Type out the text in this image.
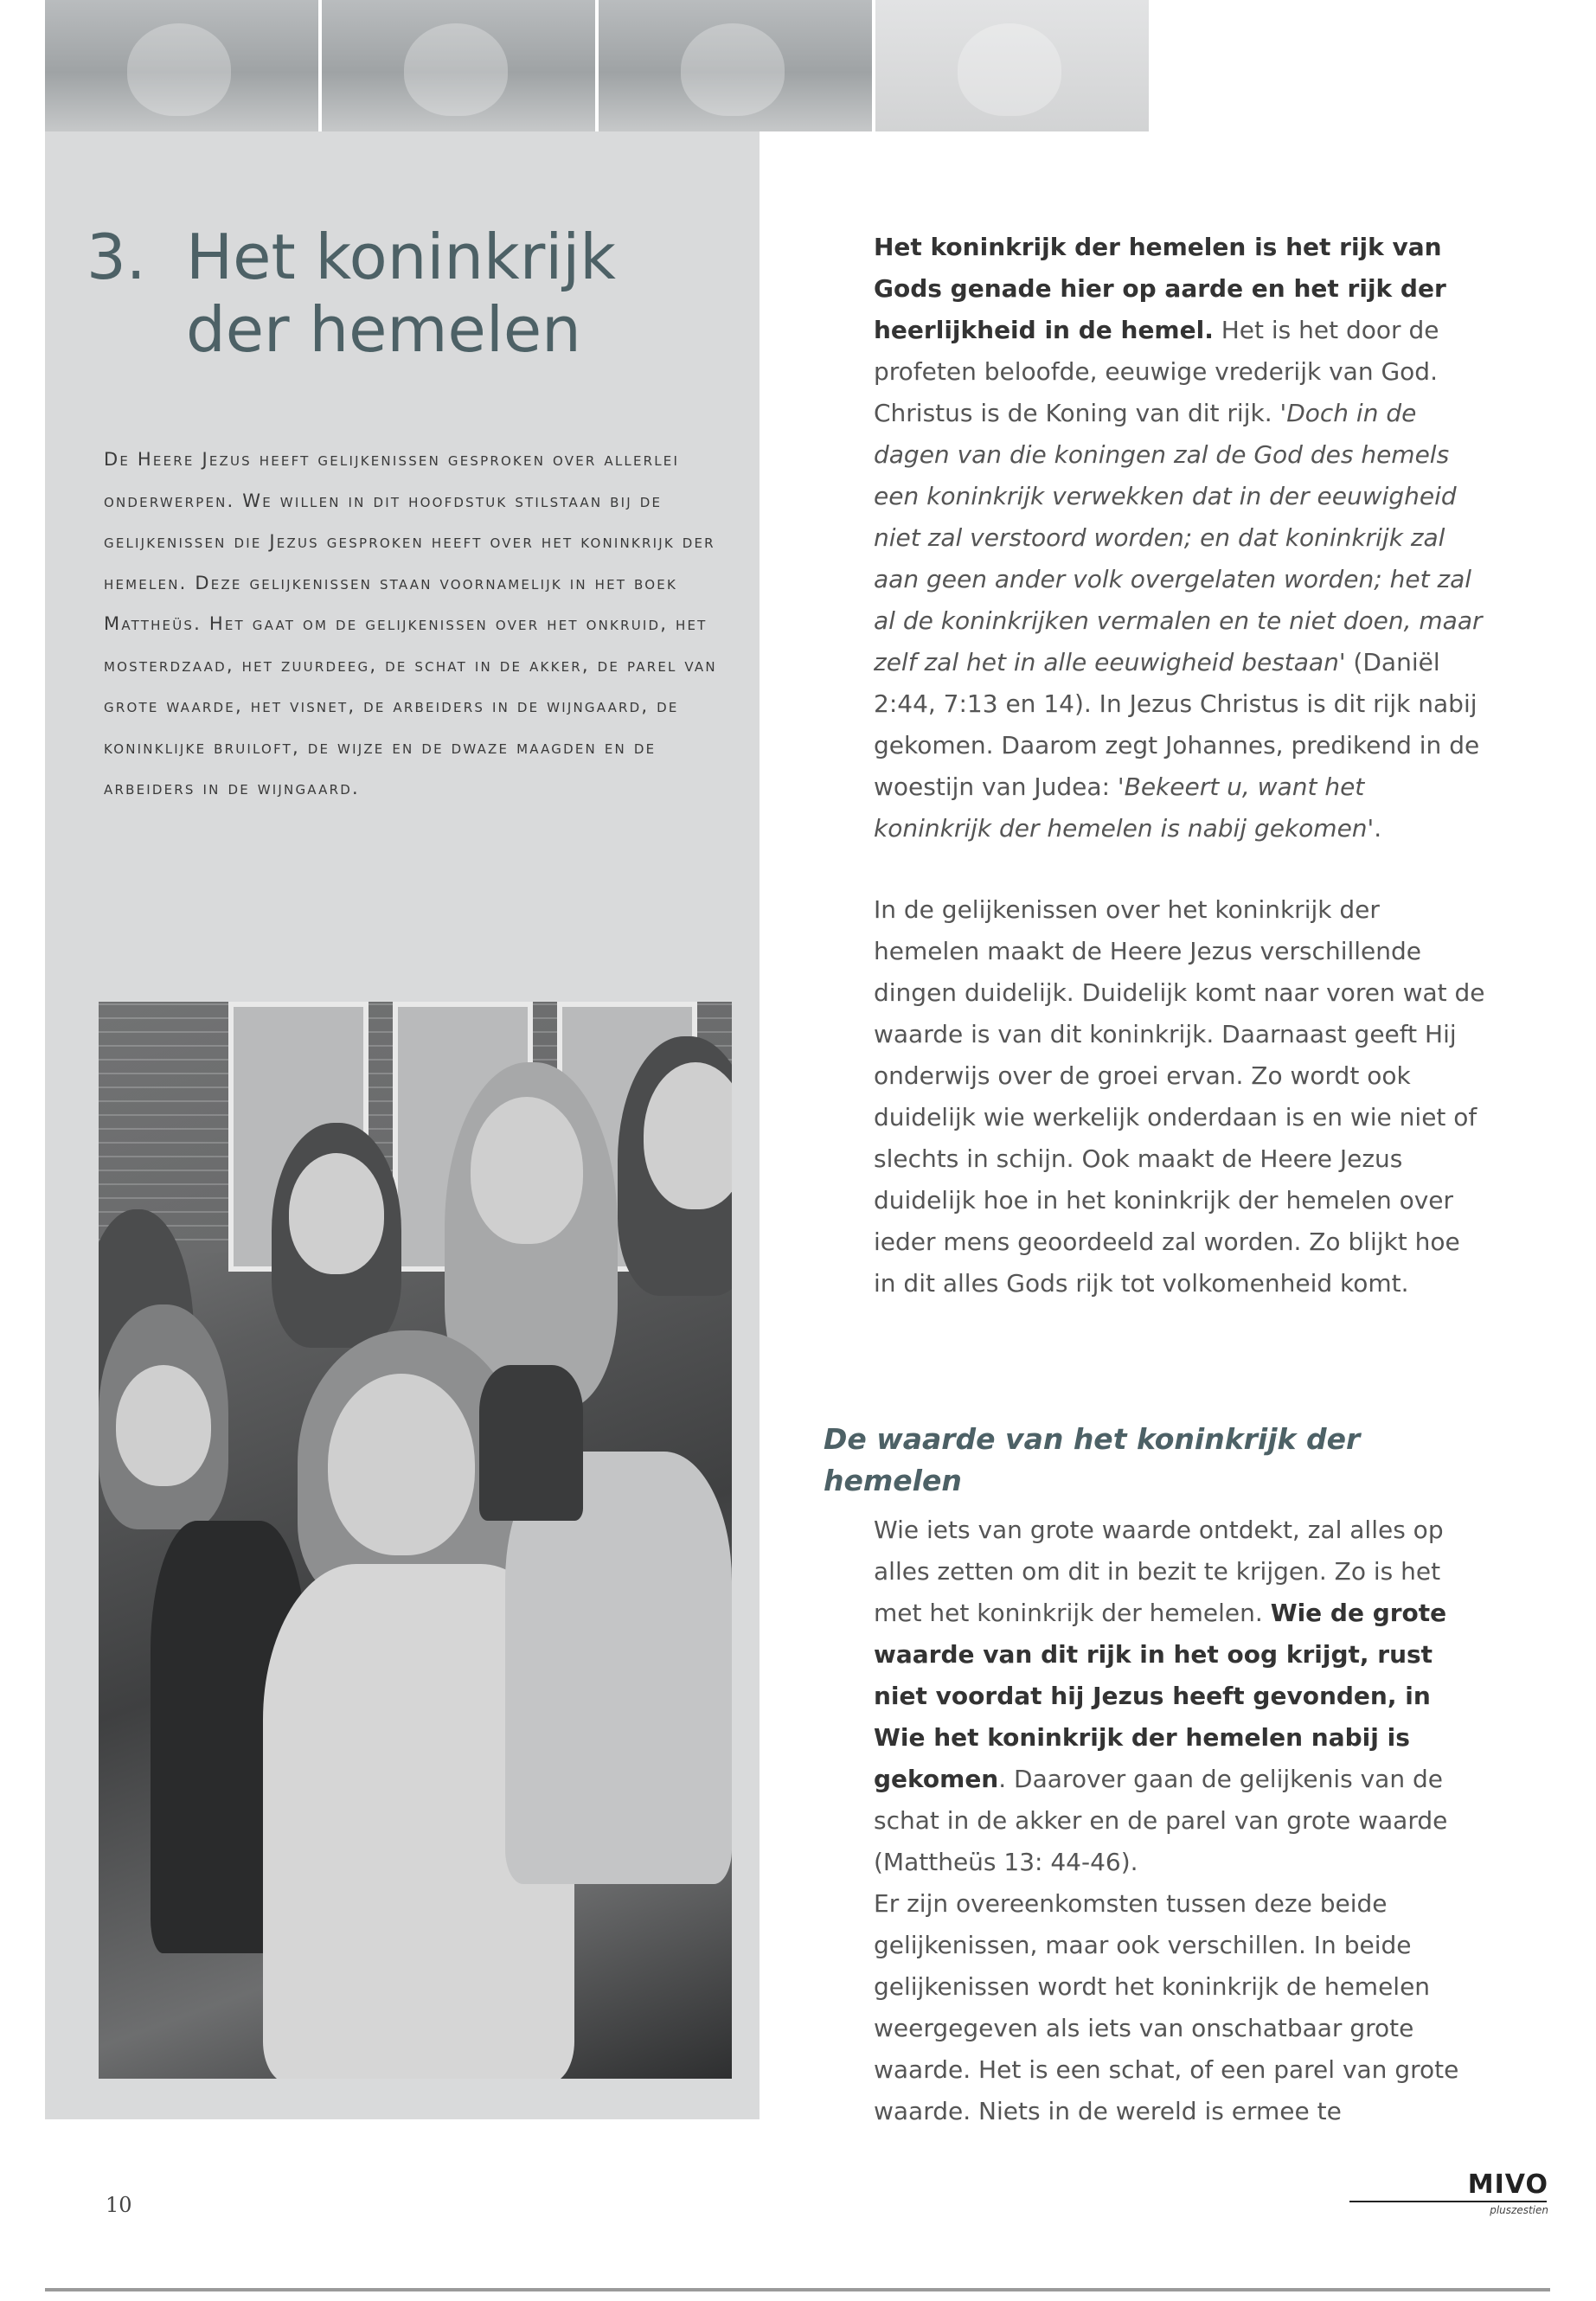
3. Het koninkrijk
der hemelen

De Heere Jezus heeft gelijkenissen gesproken over allerlei onderwerpen. We willen in dit hoofdstuk stilstaan bij de gelijkenissen die Jezus gesproken heeft over het koninkrijk der hemelen. Deze gelijkenissen staan voornamelijk in het boek Mattheüs. Het gaat om de gelijkenissen over het onkruid, het mosterdzaad, het zuurdeeg, de schat in de akker, de parel van grote waarde, het visnet, de arbeiders in de wijngaard, de koninklijke bruiloft, de wijze en de dwaze maagden en de arbeiders in de wijngaard.

Het koninkrijk der hemelen is het rijk van Gods genade hier op aarde en het rijk der heerlijkheid in de hemel. Het is het door de profeten beloofde, eeuwige vrederijk van God. Christus is de Koning van dit rijk. 'Doch in de dagen van die koningen zal de God des hemels een koninkrijk verwekken dat in der eeuwigheid niet zal verstoord worden; en dat koninkrijk zal aan geen ander volk overgelaten worden; het zal al de koninkrijken vermalen en te niet doen, maar zelf zal het in alle eeuwigheid bestaan' (Daniël 2:44, 7:13 en 14). In Jezus Christus is dit rijk nabij gekomen. Daarom zegt Johannes, predikend in de woestijn van Judea: 'Bekeert u, want het koninkrijk der hemelen is nabij gekomen'.

In de gelijkenissen over het koninkrijk der hemelen maakt de Heere Jezus verschillende dingen duidelijk. Duidelijk komt naar voren wat de waarde is van dit koninkrijk. Daarnaast geeft Hij onderwijs over de groei ervan. Zo wordt ook duidelijk wie werkelijk onderdaan is en wie niet of slechts in schijn. Ook maakt de Heere Jezus duidelijk hoe in het koninkrijk der hemelen over ieder mens geoordeeld zal worden. Zo blijkt hoe in dit alles Gods rijk tot volkomenheid komt.

De waarde van het koninkrijk der hemelen

Wie iets van grote waarde ontdekt, zal alles op alles zetten om dit in bezit te krijgen. Zo is het met het koninkrijk der hemelen. Wie de grote waarde van dit rijk in het oog krijgt, rust niet voordat hij Jezus heeft gevonden, in Wie het koninkrijk der hemelen nabij is gekomen. Daarover gaan de gelijkenis van de schat in de akker en de parel van grote waarde (Mattheüs 13: 44-46).

Er zijn overeenkomsten tussen deze beide gelijkenissen, maar ook verschillen. In beide gelijkenissen wordt het koninkrijk de hemelen weergegeven als iets van onschatbaar grote waarde. Het is een schat, of een parel van grote waarde. Niets in de wereld is ermee te

10
MIVO
pluszestien
